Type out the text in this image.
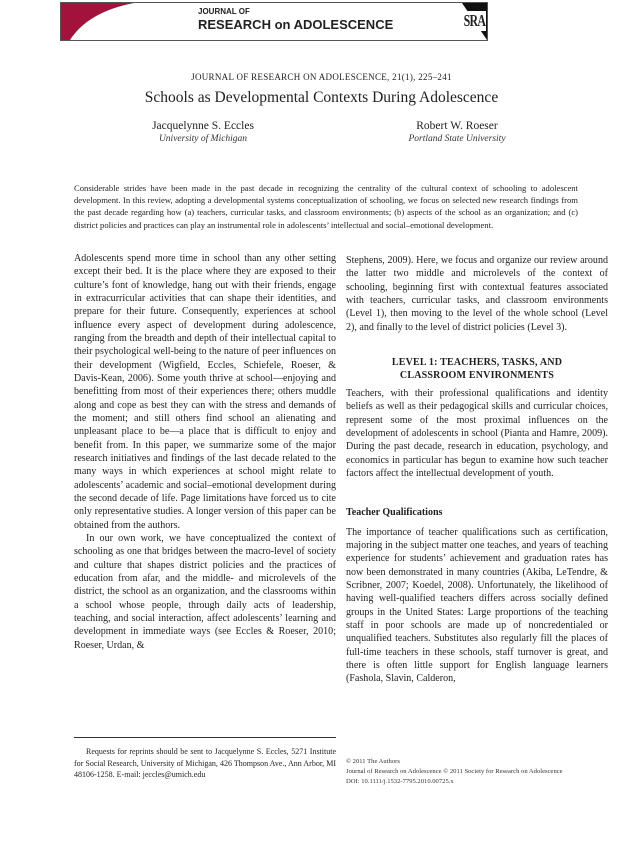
JOURNAL OF
RESEARCH on ADOLESCENCE	SRA
JOURNAL OF RESEARCH ON ADOLESCENCE, 21(1), 225–241
Schools as Developmental Contexts During Adolescence
Jacquelynne S. Eccles
University of Michigan
Robert W. Roeser
Portland State University
Considerable strides have been made in the past decade in recognizing the centrality of the cultural context of schooling to adolescent development. In this review, adopting a developmental systems conceptualization of schooling, we focus on selected new research findings from the past decade regarding how (a) teachers, curricular tasks, and classroom environments; (b) aspects of the school as an organization; and (c) district policies and practices can play an instrumental role in adolescents’ intellectual and social–emotional development.

Adolescents spend more time in school than any other setting except their bed. It is the place where they are exposed to their culture’s font of knowledge, hang out with their friends, engage in extracurricular activities that can shape their identities, and prepare for their future. Consequently, experiences at school influence every aspect of development during adolescence, ranging from the breadth and depth of their intellectual capital to their psychological well-being to the nature of peer influences on their development (Wigfield, Eccles, Schiefele, Roeser, & Davis-Kean, 2006). Some youth thrive at school—enjoying and benefitting from most of their experiences there; others muddle along and cope as best they can with the stress and demands of the moment; and still others find school an alienating and unpleasant place to be—a place that is difficult to enjoy and benefit from. In this paper, we summarize some of the major research initiatives and findings of the last decade related to the many ways in which experiences at school might relate to adolescents’ academic and social–emotional development during the second decade of life. Page limitations have forced us to cite only representative studies. A longer version of this paper can be obtained from the authors.

In our own work, we have conceptualized the context of schooling as one that bridges between the macro-level of society and culture that shapes district policies and the practices of education from afar, and the middle- and microlevels of the district, the school as an organization, and the classrooms within a school whose people, through daily acts of leadership, teaching, and social interaction, affect adolescents’ learning and development in immediate ways (see Eccles & Roeser, 2010; Roeser, Urdan, &

Requests for reprints should be sent to Jacquelynne S. Eccles, 5271 Institute for Social Research, University of Michigan, 426 Thompson Ave., Ann Arbor, MI 48106-1258. E-mail: jeccles@umich.edu

Stephens, 2009). Here, we focus and organize our review around the latter two middle and microlevels of the context of schooling, beginning first with contextual features associated with teachers, curricular tasks, and classroom environments (Level 1), then moving to the level of the whole school (Level 2), and finally to the level of district policies (Level 3).

LEVEL 1: TEACHERS, TASKS, AND
CLASSROOM ENVIRONMENTS

Teachers, with their professional qualifications and identity beliefs as well as their pedagogical skills and curricular choices, represent some of the most proximal influences on the development of adolescents in school (Pianta and Hamre, 2009). During the past decade, research in education, psychology, and economics in particular has begun to examine how such teacher factors affect the intellectual development of youth.

Teacher Qualifications

The importance of teacher qualifications such as certification, majoring in the subject matter one teaches, and years of teaching experience for students’ achievement and graduation rates has now been demonstrated in many countries (Akiba, LeTendre, & Scribner, 2007; Koedel, 2008). Unfortunately, the likelihood of having well-qualified teachers differs across socially defined groups in the United States: Large proportions of the teaching staff in poor schools are made up of noncredentialed or unqualified teachers. Substitutes also regularly fill the places of full-time teachers in these schools, staff turnover is great, and there is often little support for English language learners (Fashola, Slavin, Calderon,

© 2011 The Authors
Journal of Research on Adolescence © 2011 Society for Research on Adolescence
DOI: 10.1111/j.1532-7795.2010.00725.x
